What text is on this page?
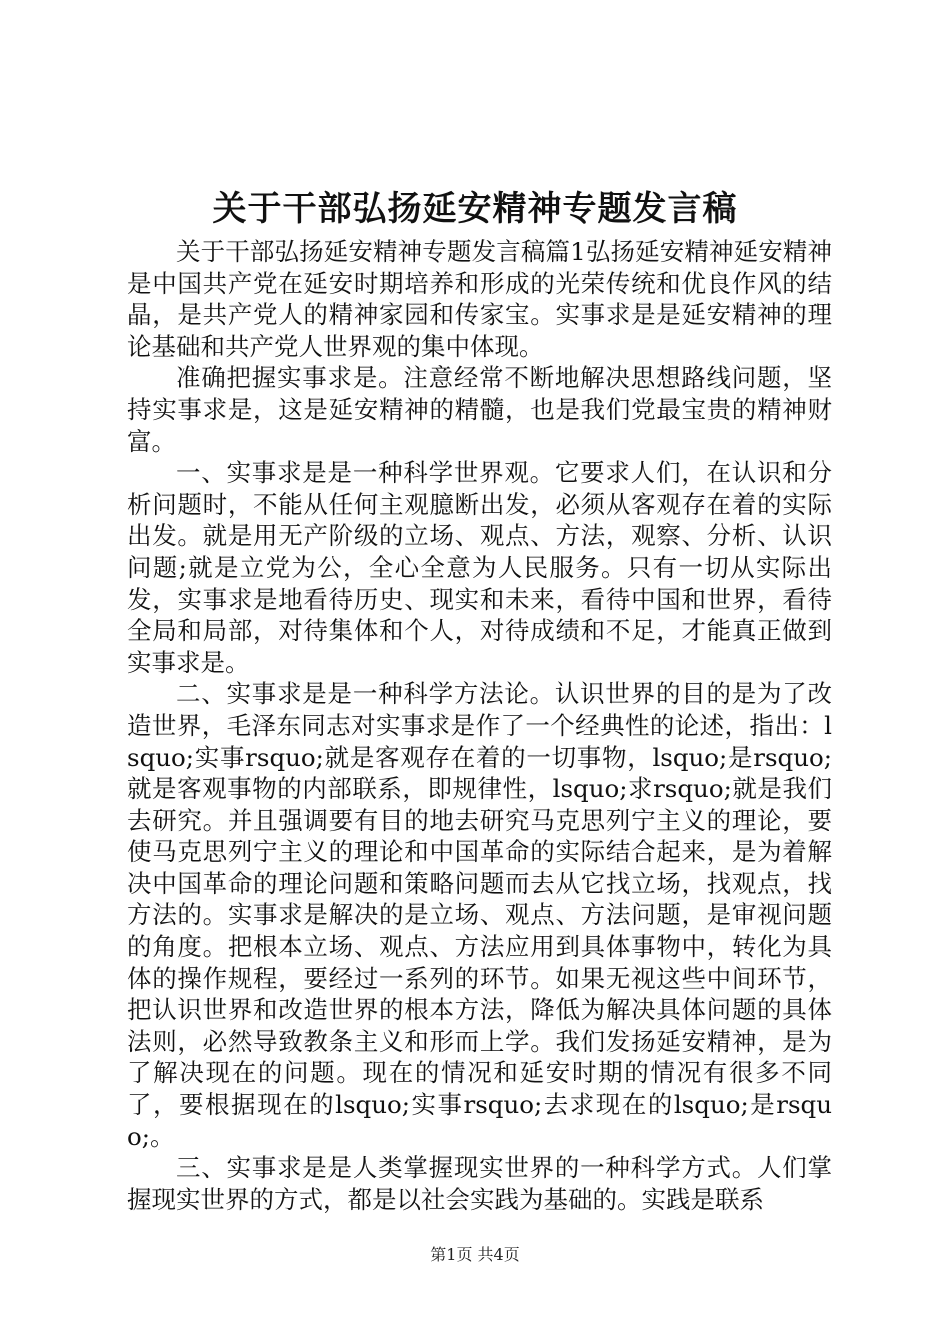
关于干部弘扬延安精神专题发言稿

关于干部弘扬延安精神专题发言稿篇1弘扬延安精神延安精神是中国共产党在延安时期培养和形成的光荣传统和优良作风的结晶，是共产党人的精神家园和传家宝。实事求是是延安精神的理论基础和共产党人世界观的集中体现。

准确把握实事求是。注意经常不断地解决思想路线问题，坚持实事求是，这是延安精神的精髓，也是我们党最宝贵的精神财富。

一、实事求是是一种科学世界观。它要求人们，在认识和分析问题时，不能从任何主观臆断出发，必须从客观存在着的实际出发。就是用无产阶级的立场、观点、方法，观察、分析、认识问题;就是立党为公，全心全意为人民服务。只有一切从实际出发，实事求是地看待历史、现实和未来，看待中国和世界，看待全局和局部，对待集体和个人，对待成绩和不足，才能真正做到实事求是。

二、实事求是是一种科学方法论。认识世界的目的是为了改造世界，毛泽东同志对实事求是作了一个经典性的论述，指出：lsquo;实事rsquo;就是客观存在着的一切事物，lsquo;是rsquo;就是客观事物的内部联系，即规律性，lsquo;求rsquo;就是我们去研究。并且强调要有目的地去研究马克思列宁主义的理论，要使马克思列宁主义的理论和中国革命的实际结合起来，是为着解决中国革命的理论问题和策略问题而去从它找立场，找观点，找方法的。实事求是解决的是立场、观点、方法问题，是审视问题的角度。把根本立场、观点、方法应用到具体事物中，转化为具体的操作规程，要经过一系列的环节。如果无视这些中间环节，把认识世界和改造世界的根本方法，降低为解决具体问题的具体法则，必然导致教条主义和形而上学。我们发扬延安精神，是为了解决现在的问题。现在的情况和延安时期的情况有很多不同了，要根据现在的lsquo;实事rsquo;去求现在的lsquo;是rsquo;。

三、实事求是是人类掌握现实世界的一种科学方式。人们掌握现实世界的方式，都是以社会实践为基础的。实践是联系

第1页 共4页
